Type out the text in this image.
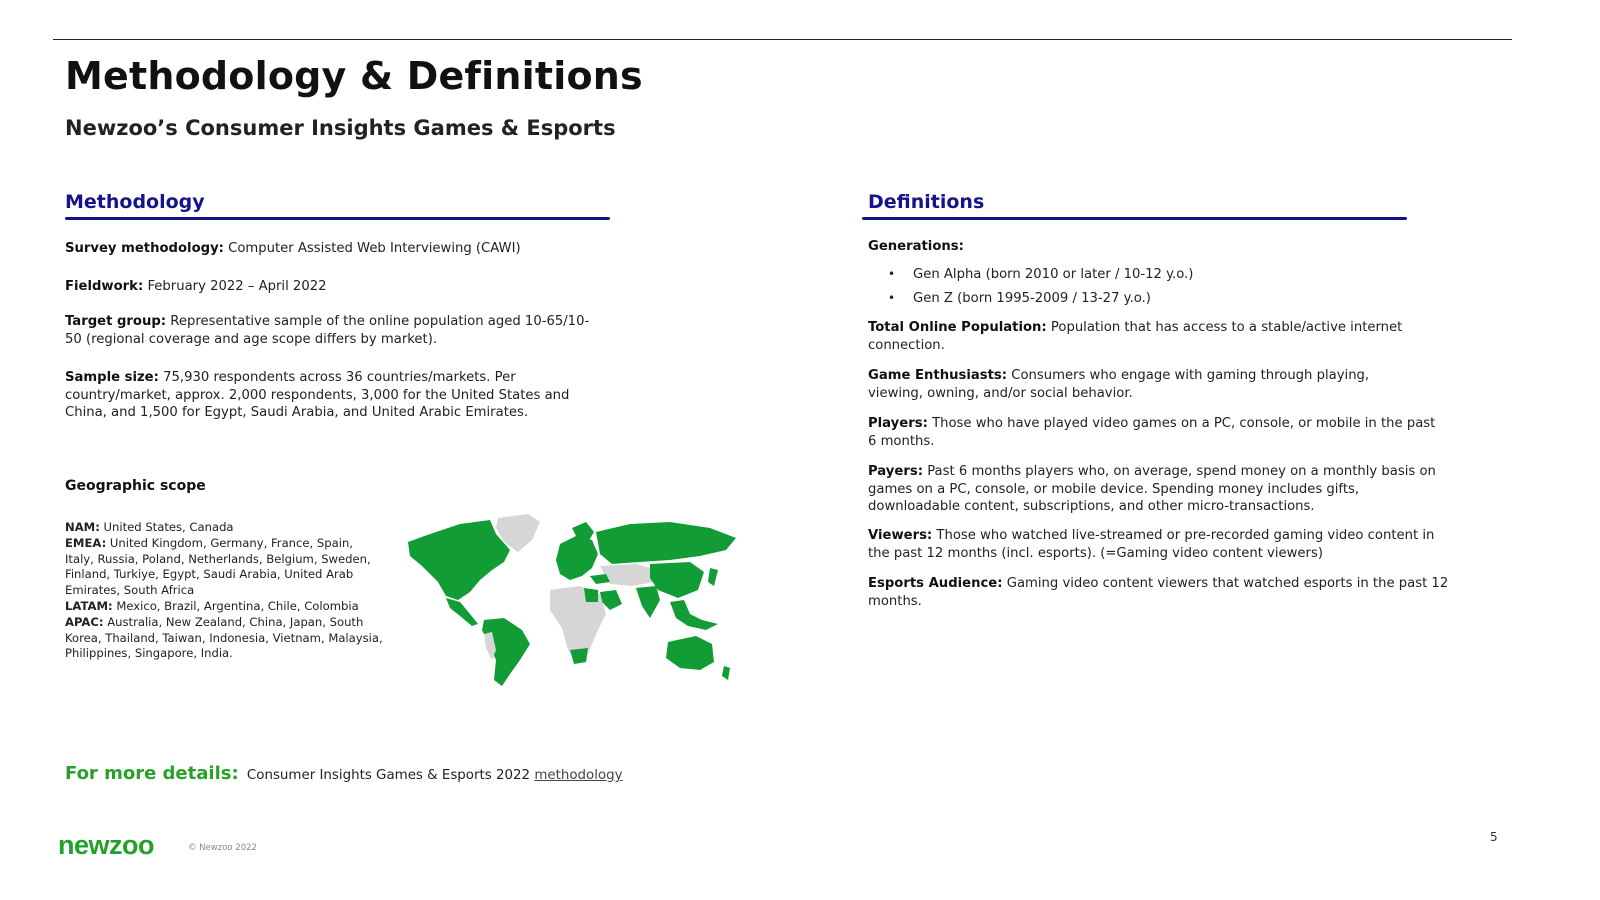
Methodology & Definitions
Newzoo’s Consumer Insights Games & Esports
Methodology
Survey methodology: Computer Assisted Web Interviewing (CAWI)
Fieldwork: February 2022 – April 2022
Target group: Representative sample of the online population aged 10-65/10-50 (regional coverage and age scope differs by market).
Sample size: 75,930 respondents across 36 countries/markets. Per country/market, approx. 2,000 respondents, 3,000 for the United States and China, and 1,500 for Egypt, Saudi Arabia, and United Arabic Emirates.
Geographic scope
NAM: United States, Canada
EMEA: United Kingdom, Germany, France, Spain, Italy, Russia, Poland, Netherlands, Belgium, Sweden, Finland, Turkiye, Egypt, Saudi Arabia, United Arab Emirates, South Africa
LATAM: Mexico, Brazil, Argentina, Chile, Colombia
APAC: Australia, New Zealand, China, Japan, South Korea, Thailand, Taiwan, Indonesia, Vietnam, Malaysia, Philippines, Singapore, India.
Definitions
Generations:
•	Gen Alpha (born 2010 or later / 10-12 y.o.)
•	Gen Z (born 1995-2009 / 13-27 y.o.)
Total Online Population: Population that has access to a stable/active internet connection.
Game Enthusiasts: Consumers who engage with gaming through playing, viewing, owning, and/or social behavior.
Players: Those who have played video games on a PC, console, or mobile in the past 6 months.
Payers: Past 6 months players who, on average, spend money on a monthly basis on games on a PC, console, or mobile device. Spending money includes gifts, downloadable content, subscriptions, and other micro-transactions.
Viewers: Those who watched live-streamed or pre-recorded gaming video content in the past 12 months (incl. esports). (=Gaming video content viewers)
Esports Audience: Gaming video content viewers that watched esports in the past 12 months.
For more details: Consumer Insights Games & Esports 2022 methodology
newzoo	© Newzoo 2022
5
